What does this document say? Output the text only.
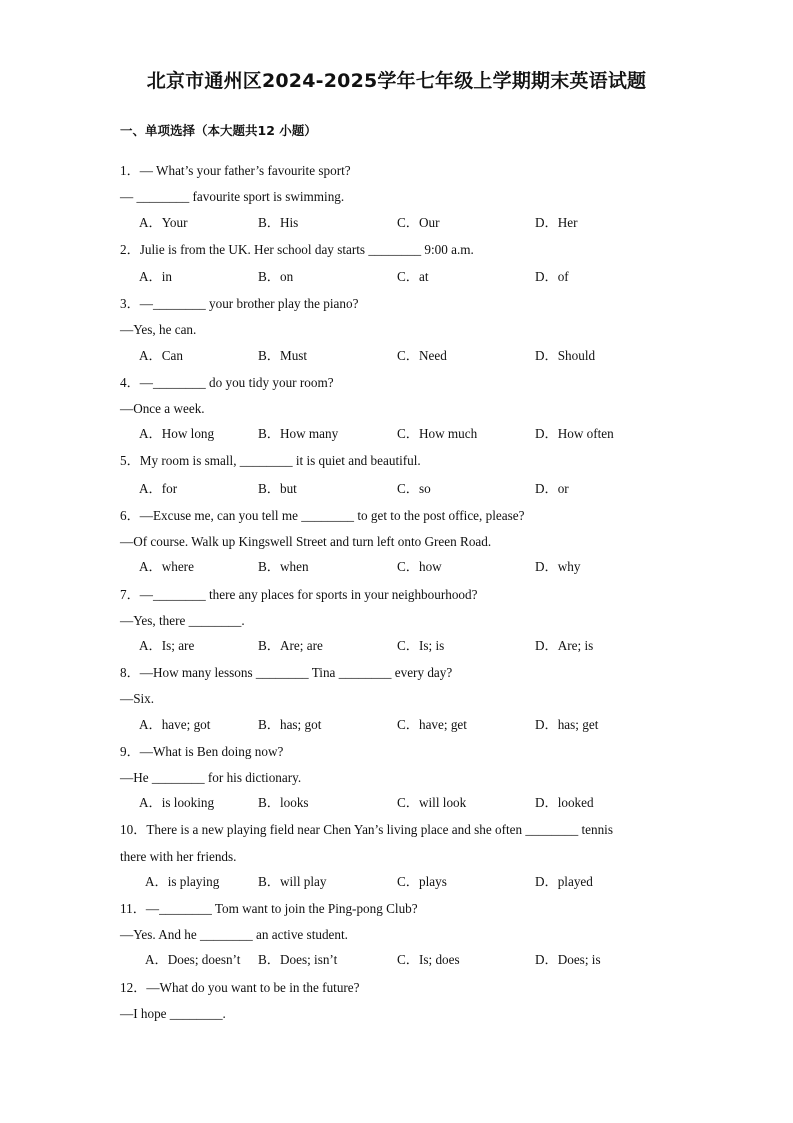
北京市通州区2024-2025学年七年级上学期期末英语试题
一、单项选择（本大题共12 小题）
1．— What’s your father’s favourite sport?
— ________ favourite sport is swimming.
A．Your	B．His	C．Our	D．Her
2．Julie is from the UK. Her school day starts ________ 9:00 a.m.
A．in	B．on	C．at	D．of
3．—________ your brother play the piano?
—Yes, he can.
A．Can	B．Must	C．Need	D．Should
4．—________ do you tidy your room?
—Once a week.
A．How long	B．How many	C．How much	D．How often
5．My room is small, ________ it is quiet and beautiful.
A．for	B．but	C．so	D．or
6．—Excuse me, can you tell me ________ to get to the post office, please?
—Of course. Walk up Kingswell Street and turn left onto Green Road.
A．where	B．when	C．how	D．why
7．—________ there any places for sports in your neighbourhood?
—Yes, there ________.
A．Is; are	B．Are; are	C．Is; is	D．Are; is
8．—How many lessons ________ Tina ________ every day?
—Six.
A．have; got	B．has; got	C．have; get	D．has; get
9．—What is Ben doing now?
—He ________ for his dictionary.
A．is looking	B．looks	C．will look	D．looked
10．There is a new playing field near Chen Yan’s living place and she often ________ tennis
there with her friends.
A．is playing	B．will play	C．plays	D．played
11．—________ Tom want to join the Ping-pong Club?
—Yes. And he ________ an active student.
A．Does; doesn’t B．Does; isn’t	C．Is; does	D．Does; is
12．—What do you want to be in the future?
—I hope ________.
